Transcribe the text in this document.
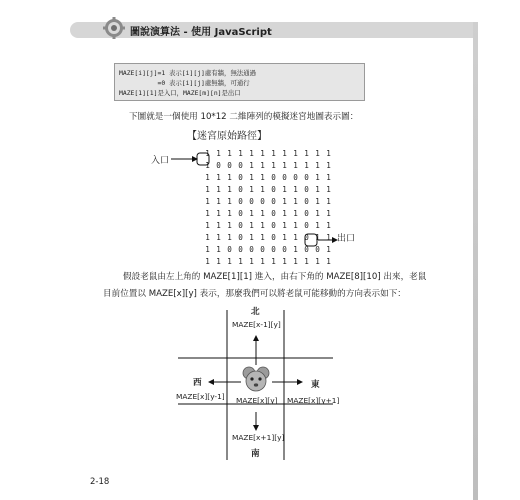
圖說演算法 - 使用 JavaScript
MAZE[i][j]=1 表示[i][j]處有牆，無法通過
=0 表示[i][j]處無牆，可通行
MAZE[1][1]是入口，MAZE[m][n]是出口
下圖就是一個使用 10*12 二維陣列的模擬迷宮地圖表示圖：
【迷宮原始路徑】
1 1 1 1 1 1 1 1 1 1 1 1
1 0 0 0 1 1 1 1 1 1 1 1
1 1 1 0 1 1 0 0 0 0 1 1
1 1 1 0 1 1 0 1 1 0 1 1
1 1 1 0 0 0 0 1 1 0 1 1
1 1 1 0 1 1 0 1 1 0 1 1
1 1 1 0 1 1 0 1 1 0 1 1
1 1 1 0 1 1 0 1 1 0 1 1
1 1 0 0 0 0 0 0 1 0 0 1
1 1 1 1 1 1 1 1 1 1 1 1
入口
出口
假設老鼠由左上角的 MAZE[1][1] 進入，由右下角的 MAZE[8][10] 出來，老鼠
目前位置以 MAZE[x][y] 表示，那麼我們可以將老鼠可能移動的方向表示如下：
北
MAZE[x-1][y]
西
MAZE[x][y-1]
東
MAZE[x][y+1]
MAZE[x][y]
MAZE[x+1][y]
南
2-18
